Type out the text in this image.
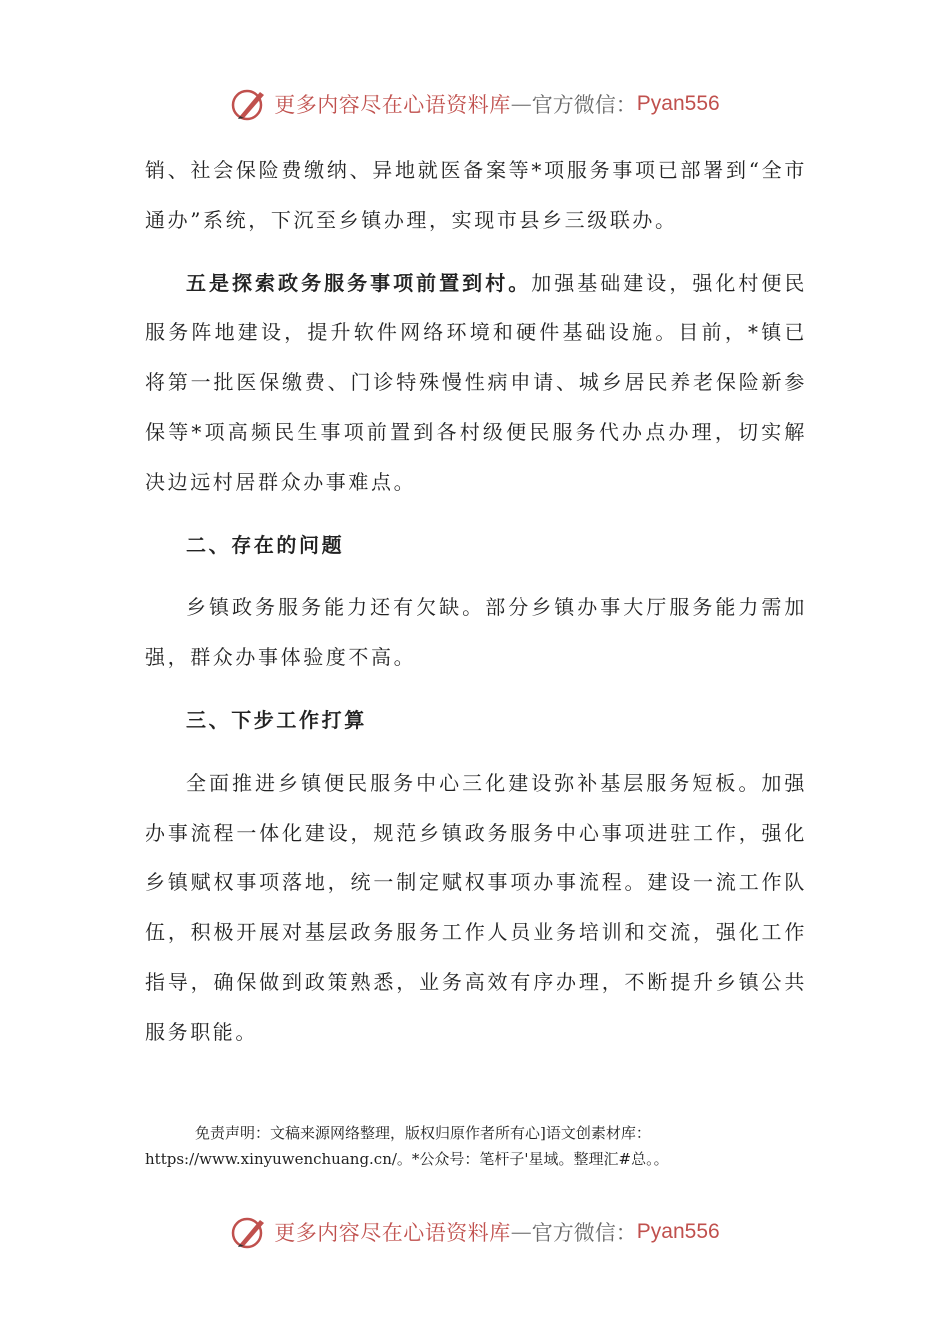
更多内容尽在心语资料库 — 官方微信： Pyan556

销、社会保险费缴纳、异地就医备案等*项服务事项已部署到“全市通办”系统，下沉至乡镇办理，实现市县乡三级联办。

五是探索政务服务事项前置到村。加强基础建设，强化村便民服务阵地建设，提升软件网络环境和硬件基础设施。目前，*镇已将第一批医保缴费、门诊特殊慢性病申请、城乡居民养老保险新参保等*项高频民生事项前置到各村级便民服务代办点办理，切实解决边远村居群众办事难点。

二、存在的问题

乡镇政务服务能力还有欠缺。部分乡镇办事大厅服务能力需加强，群众办事体验度不高。

三、下步工作打算

全面推进乡镇便民服务中心三化建设弥补基层服务短板。加强办事流程一体化建设，规范乡镇政务服务中心事项进驻工作，强化乡镇赋权事项落地，统一制定赋权事项办事流程。建设一流工作队伍，积极开展对基层政务服务工作人员业务培训和交流，强化工作指导，确保做到政策熟悉，业务高效有序办理，不断提升乡镇公共服务职能。

免责声明：文稿来源网络整理，版权归原作者所有心]语文创素材库：https://www.xinyuwenchuang.cn/。*公众号：笔杆子'星域。整理汇#总。。
更多内容尽在心语资料库 — 官方微信： Pyan556
